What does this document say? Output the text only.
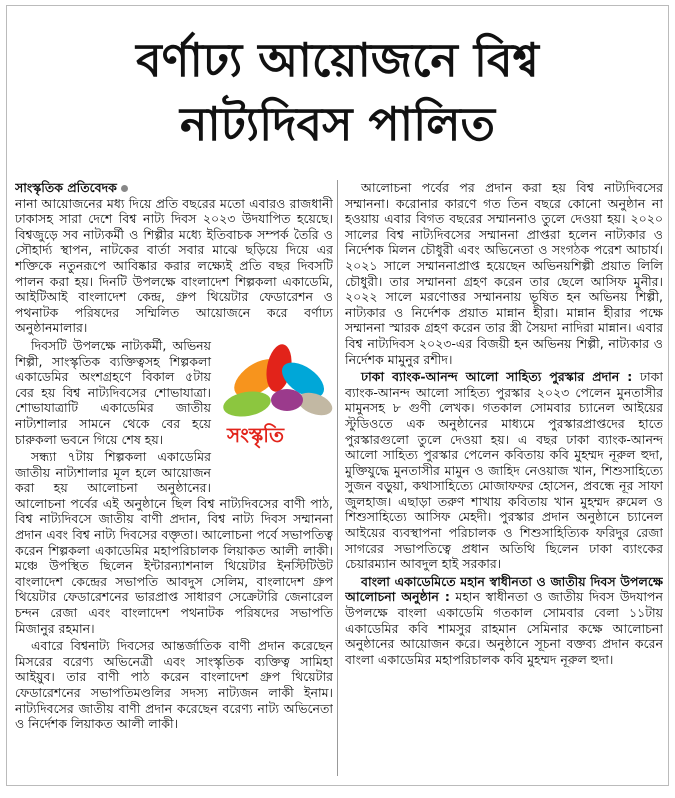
বর্ণাঢ্য আয়োজনে বিশ্ব
নাট্যদিবস পালিত
সাংস্কৃতিক প্রতিবেদক

নানা আয়োজনের মধ্য দিয়ে প্রতি বছরের মতো এবারও রাজধানী ঢাকাসহ সারা দেশে বিশ্ব নাট্য দিবস ২০২৩ উদযাপিত হয়েছে। বিশ্বজুড়ে সব নাট্যকর্মী ও শিল্পীর মধ্যে ইতিবাচক সম্পর্ক তৈরি ও সৌহার্দ্য স্থাপন, নাটকের বার্তা সবার মাঝে ছড়িয়ে দিয়ে এর শক্তিকে নতুনরূপে আবিষ্কার করার লক্ষ্যেই প্রতি বছর দিবসটি পালন করা হয়। দিনটি উপলক্ষে বাংলাদেশ শিল্পকলা একাডেমি, আইটিআই বাংলাদেশ কেন্দ্র, গ্রুপ থিয়েটার ফেডারেশন ও পথনাটক পরিষদের সম্মিলিত আয়োজনে করে বর্ণাঢ্য অনুষ্ঠানমালার।

সংস্কৃতি

দিবসটি উপলক্ষে নাট্যকর্মী, অভিনয় শিল্পী, সাংস্কৃতিক ব্যক্তিত্বসহ শিল্পকলা একাডেমির অংশগ্রহণে বিকাল ৫টায় বের হয় বিশ্ব নাট্যদিবসের শোভাযাত্রা। শোভাযাত্রাটি একাডেমির জাতীয় নাট্যশালার সামনে থেকে বের হয়ে চারুকলা ভবনে গিয়ে শেষ হয়।

সন্ধ্যা ৭টায় শিল্পকলা একাডেমির জাতীয় নাট্যশালার মূল হলে আয়োজন করা হয় আলোচনা অনুষ্ঠানের। আলোচনা পর্বের এই অনুষ্ঠানে ছিল বিশ্ব নাট্যদিবসের বাণী পাঠ, বিশ্ব নাট্যদিবসে জাতীয় বাণী প্রদান, বিশ্ব নাট্য দিবস সম্মাননা প্রদান এবং বিশ্ব নাট্য দিবসের বক্তৃতা। আলোচনা পর্বে সভাপতিত্ব করেন শিল্পকলা একাডেমির মহাপরিচালক লিয়াকত আলী লাকী। মঞ্চে উপস্থিত ছিলেন ইন্টারন্যাশনাল থিয়েটার ইনস্টিটিউট বাংলাদেশ কেন্দ্রের সভাপতি আবদুস সেলিম, বাংলাদেশ গ্রুপ থিয়েটার ফেডারেশনের ভারপ্রাপ্ত সাধারণ সেক্রেটারি জেনারেল চন্দন রেজা এবং বাংলাদেশ পথনাটক পরিষদের সভাপতি মিজানুর রহমান।

এবারে বিশ্বনাট্য দিবসের আন্তর্জাতিক বাণী প্রদান করেছেন মিসরের বরেণ্য অভিনেত্রী এবং সাংস্কৃতিক ব্যক্তিত্ব সামিহা আইয়ুব। তার বাণী পাঠ করেন বাংলাদেশ গ্রুপ থিয়েটার ফেডারেশনের সভাপতিমণ্ডলির সদস্য নাট্যজন লাকী ইনাম। নাট্যদিবসের জাতীয় বাণী প্রদান করেছেন বরেণ্য নাট্য অভিনেতা ও নির্দেশক লিয়াকত আলী লাকী।

আলোচনা পর্বের পর প্রদান করা হয় বিশ্ব নাট্যদিবসের সম্মাননা। করোনার কারণে গত তিন বছরে কোনো অনুষ্ঠান না হওয়ায় এবার বিগত বছরের সম্মাননাও তুলে দেওয়া হয়। ২০২০ সালের বিশ্ব নাট্যদিবসের সম্মাননা প্রাপ্তরা হলেন নাট্যকার ও নির্দেশক মিলন চৌধুরী এবং অভিনেতা ও সংগঠক পরেশ আচার্য। ২০২১ সালে সম্মাননাপ্রাপ্ত হয়েছেন অভিনয়শিল্পী প্রয়াত লিলি চৌধুরী। তার সম্মাননা গ্রহণ করেন তার ছেলে আসিফ মুনীর। ২০২২ সালে মরণোত্তর সম্মাননায় ভূষিত হন অভিনয় শিল্পী, নাট্যকার ও নির্দেশক প্রয়াত মান্নান হীরা। মান্নান হীরার পক্ষে সম্মাননা স্মারক গ্রহণ করেন তার স্ত্রী সৈয়দা নাদিরা মান্নান। এবার বিশ্ব নাট্যদিবস ২০২৩-এর বিজয়ী হন অভিনয় শিল্পী, নাট্যকার ও নির্দেশক মামুনুর রশীদ।

ঢাকা ব্যাংক-আনন্দ আলো সাহিত্য পুরস্কার প্রদান : ঢাকা ব্যাংক-আনন্দ আলো সাহিত্য পুরস্কার ২০২৩ পেলেন মুনতাসীর মামুনসহ ৮ গুণী লেখক। গতকাল সোমবার চ্যানেল আইয়ের স্টুডিওতে এক অনুষ্ঠানের মাধ্যমে পুরস্কারপ্রাপ্তদের হাতে পুরস্কারগুলো তুলে দেওয়া হয়। এ বছর ঢাকা ব্যাংক-আনন্দ আলো সাহিত্য পুরস্কার পেলেন কবিতায় কবি মুহম্মদ নূরুল হুদা, মুক্তিযুদ্ধে মুনতাসীর মামুন ও জাহিদ নেওয়াজ খান, শিশুসাহিত্যে সুজন বড়ুয়া, কথাসাহিত্যে মোজাফফর হোসেন, প্রবন্ধে নূর সাফা জুলহাজ। এছাড়া তরুণ শাখায় কবিতায় খান মুহম্মদ রুমেল ও শিশুসাহিত্যে আসিফ মেহদী। পুরস্কার প্রদান অনুষ্ঠানে চ্যানেল আইয়ের ব্যবস্থাপনা পরিচালক ও শিশুসাহিত্যিক ফরিদুর রেজা সাগরের সভাপতিত্বে প্রধান অতিথি ছিলেন ঢাকা ব্যাংকের চেয়ারম্যান আবদুল হাই সরকার।

বাংলা একাডেমিতে মহান স্বাধীনতা ও জাতীয় দিবস উপলক্ষে আলোচনা অনুষ্ঠান : মহান স্বাধীনতা ও জাতীয় দিবস উদযাপন উপলক্ষে বাংলা একাডেমি গতকাল সোমবার বেলা ১১টায় একাডেমির কবি শামসুর রাহমান সেমিনার কক্ষে আলোচনা অনুষ্ঠানের আয়োজন করে। অনুষ্ঠানে সূচনা বক্তব্য প্রদান করেন বাংলা একাডেমির মহাপরিচালক কবি মুহম্মদ নূরুল হুদা।
